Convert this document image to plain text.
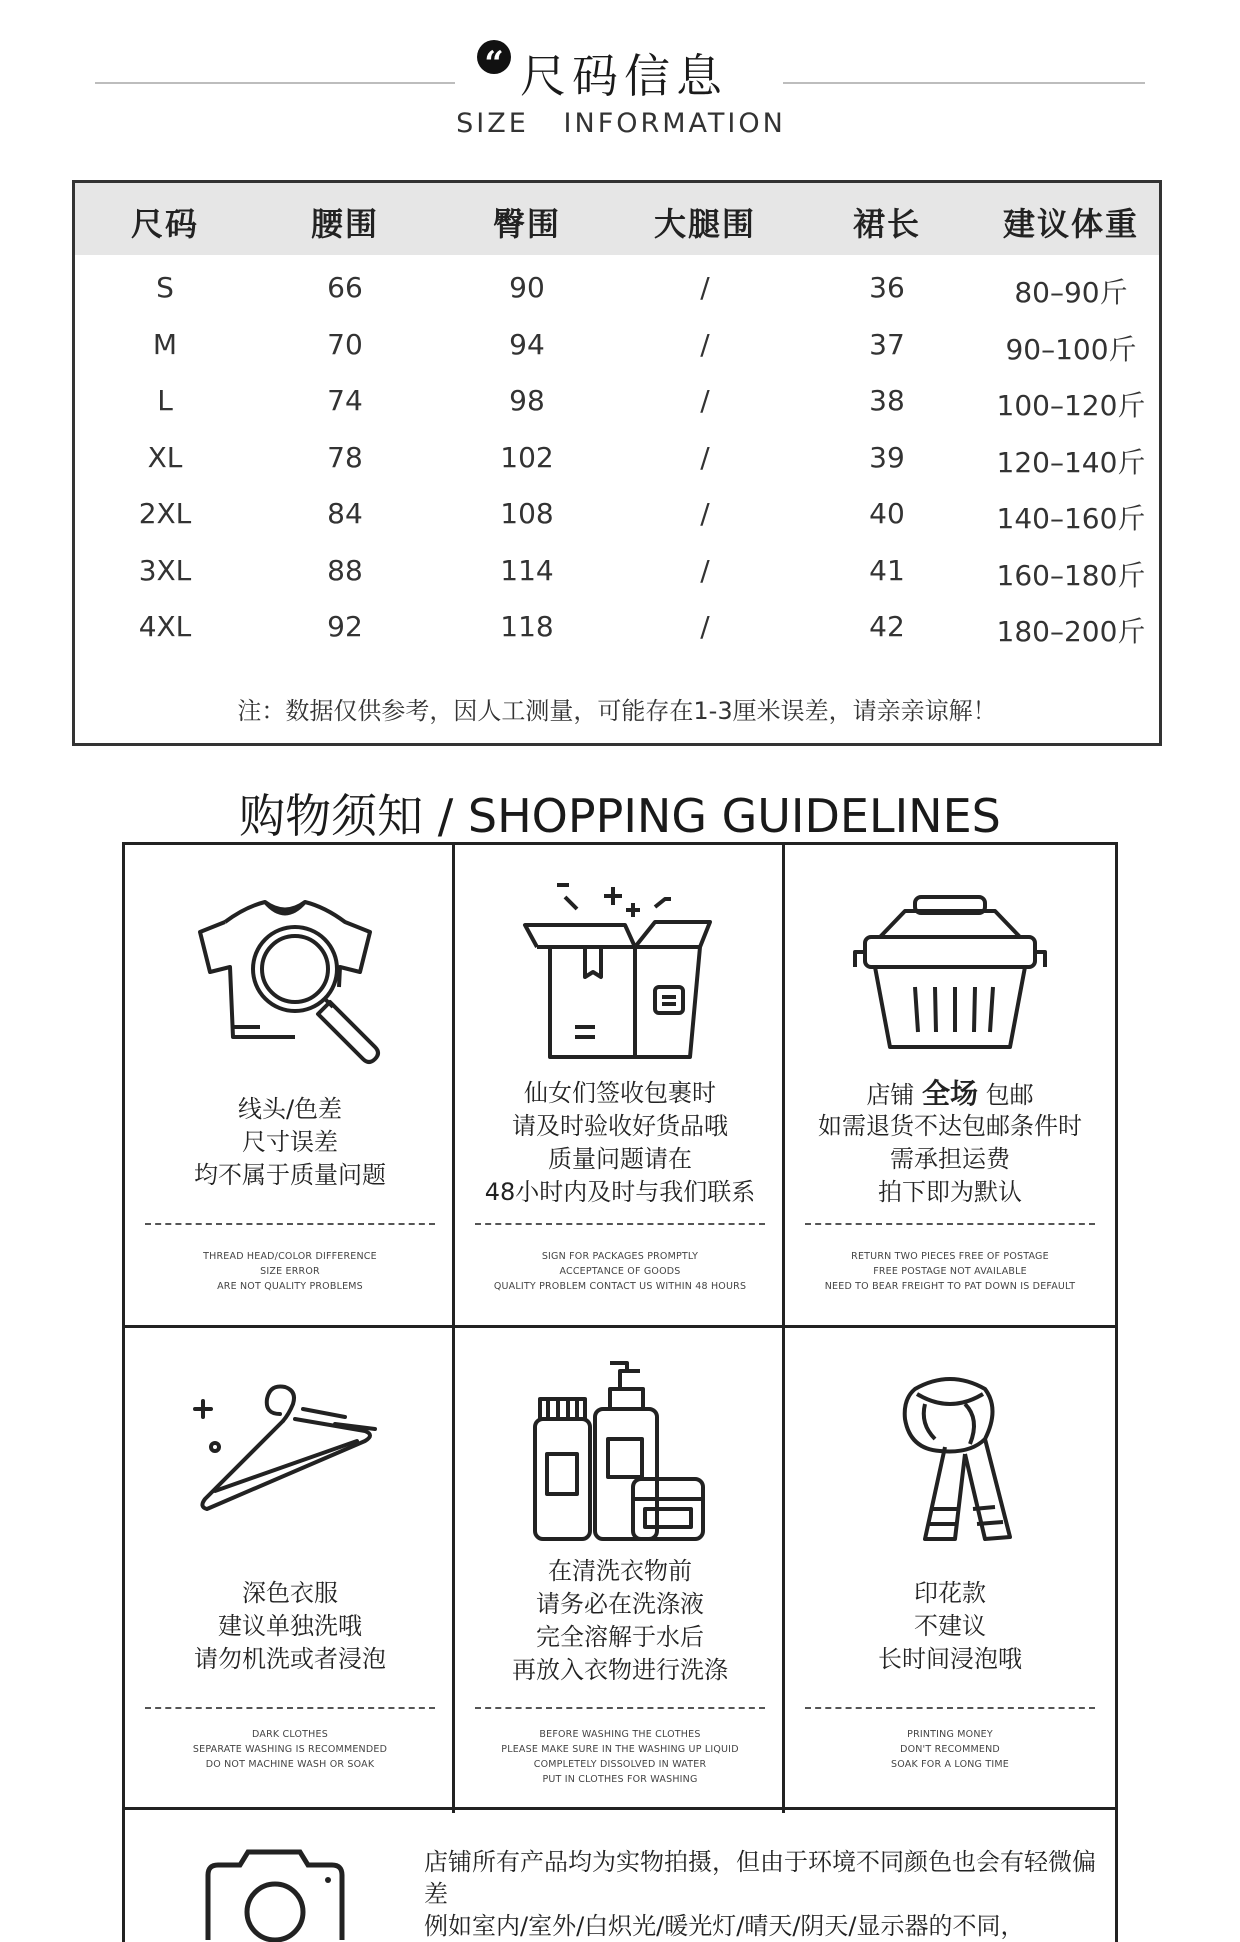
“ 尺码信息
SIZE   INFORMATION
尺码	腰围	臀围	大腿围	裙长	建议体重
注：数据仅供参考，因人工测量，可能存在1-3厘米误差，请亲亲谅解！
S	66	90	/	36	80–90斤
M	70	94	/	37	90–100斤
L	74	98	/	38	100–120斤
XL	78	102	/	39	120–140斤
2XL	84	108	/	40	140–160斤
3XL	88	114	/	41	160–180斤
4XL	92	118	/	42	180–200斤
购物须知 / SHOPPING GUIDELINES
线头/色差
尺寸误差
均不属于质量问题
THREAD HEAD/COLOR DIFFERENCE
SIZE ERROR
ARE NOT QUALITY PROBLEMS
仙女们签收包裹时
请及时验收好货品哦
质量问题请在
48小时内及时与我们联系
SIGN FOR PACKAGES PROMPTLY
ACCEPTANCE OF GOODS
QUALITY PROBLEM CONTACT US WITHIN 48 HOURS
店铺 全场 包邮
如需退货不达包邮条件时
需承担运费
拍下即为默认
RETURN TWO PIECES FREE OF POSTAGE
FREE POSTAGE NOT AVAILABLE
NEED TO BEAR FREIGHT TO PAT DOWN IS DEFAULT
深色衣服
建议单独洗哦
请勿机洗或者浸泡
DARK CLOTHES
SEPARATE WASHING IS RECOMMENDED
DO NOT MACHINE WASH OR SOAK
在清洗衣物前
请务必在洗涤液
完全溶解于水后
再放入衣物进行洗涤
BEFORE WASHING THE CLOTHES
PLEASE MAKE SURE IN THE WASHING UP LIQUID
COMPLETELY DISSOLVED IN WATER
PUT IN CLOTHES FOR WASHING
印花款
不建议
长时间浸泡哦
PRINTING MONEY
DON'T RECOMMEND
SOAK FOR A LONG TIME
店铺所有产品均为实物拍摄，但由于环境不同颜色也会有轻微偏差
例如室内/室外/白炽光/暖光灯/晴天/阴天/显示器的不同，
